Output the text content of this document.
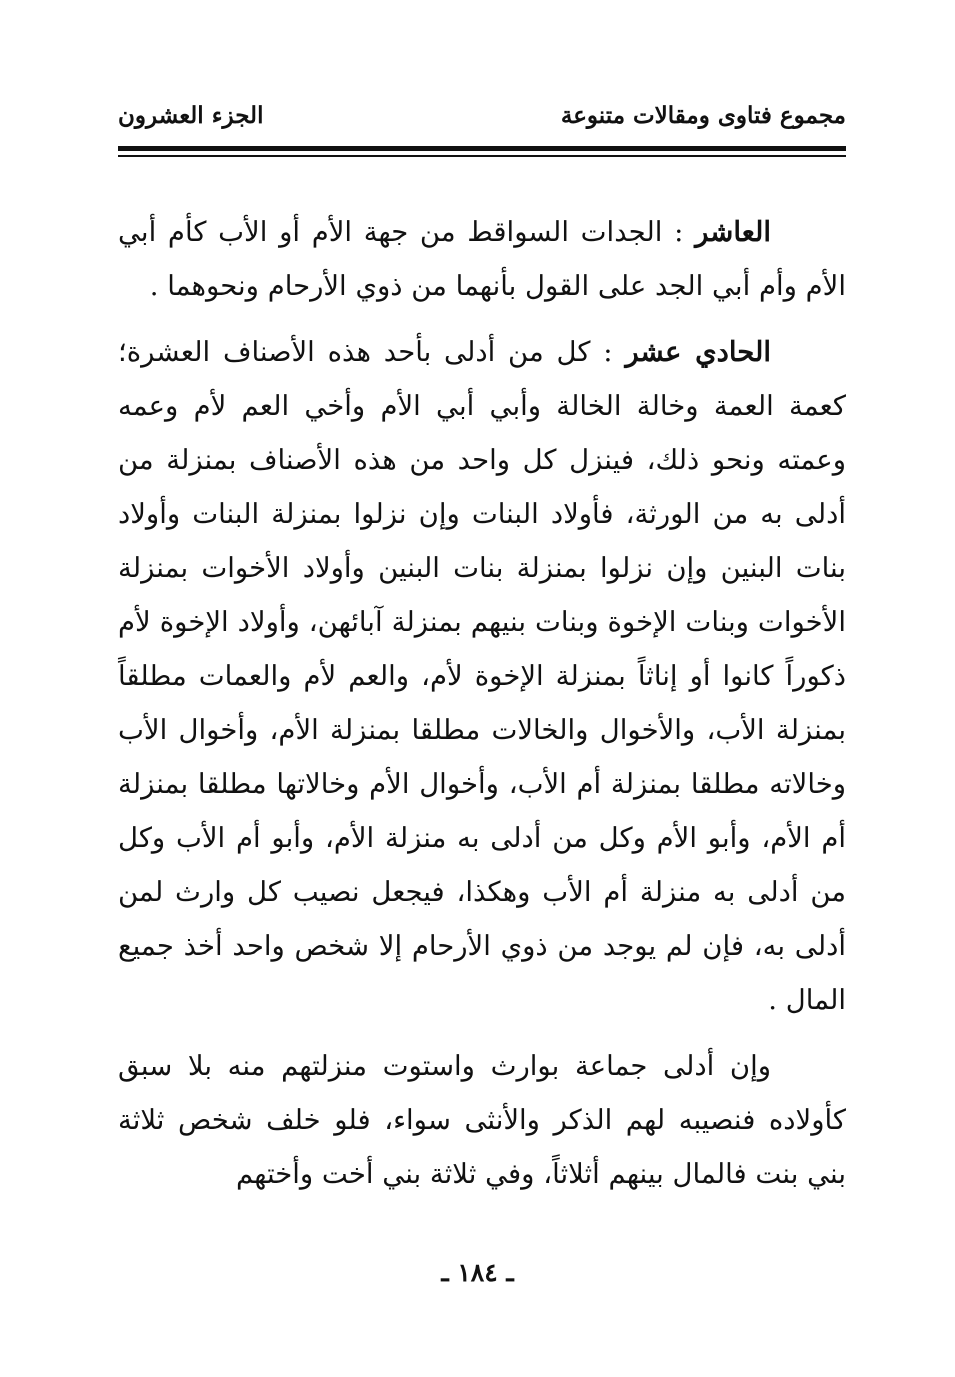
مجموع فتاوى ومقالات متنوعة
الجزء العشرون

العاشر : الجدات السواقط من جهة الأم أو الأب كأم أبي الأم وأم أبي الجد على القول بأنهما من ذوي الأرحام ونحوهما .

الحادي عشر : كل من أدلى بأحد هذه الأصناف العشرة؛ كعمة العمة وخالة الخالة وأبي أبي الأم وأخي العم لأم وعمه وعمته ونحو ذلك، فينزل كل واحد من هذه الأصناف بمنزلة من أدلى به من الورثة، فأولاد البنات وإن نزلوا بمنزلة البنات وأولاد بنات البنين وإن نزلوا بمنزلة بنات البنين وأولاد الأخوات بمنزلة الأخوات وبنات الإخوة وبنات بنيهم بمنزلة آبائهن، وأولاد الإخوة لأم ذكوراً كانوا أو إناثاً بمنزلة الإخوة لأم، والعم لأم والعمات مطلقاً بمنزلة الأب، والأخوال والخالات مطلقا بمنزلة الأم، وأخوال الأب وخالاته مطلقا بمنزلة أم الأب، وأخوال الأم وخالاتها مطلقا بمنزلة أم الأم، وأبو الأم وكل من أدلى به منزلة الأم، وأبو أم الأب وكل من أدلى به منزلة أم الأب وهكذا، فيجعل نصيب كل وارث لمن أدلى به، فإن لم يوجد من ذوي الأرحام إلا شخص واحد أخذ جميع المال .

وإن أدلى جماعة بوارث واستوت منزلتهم منه بلا سبق كأولاده فنصيبه لهم الذكر والأنثى سواء، فلو خلف شخص ثلاثة بني بنت فالمال بينهم أثلاثاً، وفي ثلاثة بني أخت وأختهم

ـ ١٨٤ ـ
